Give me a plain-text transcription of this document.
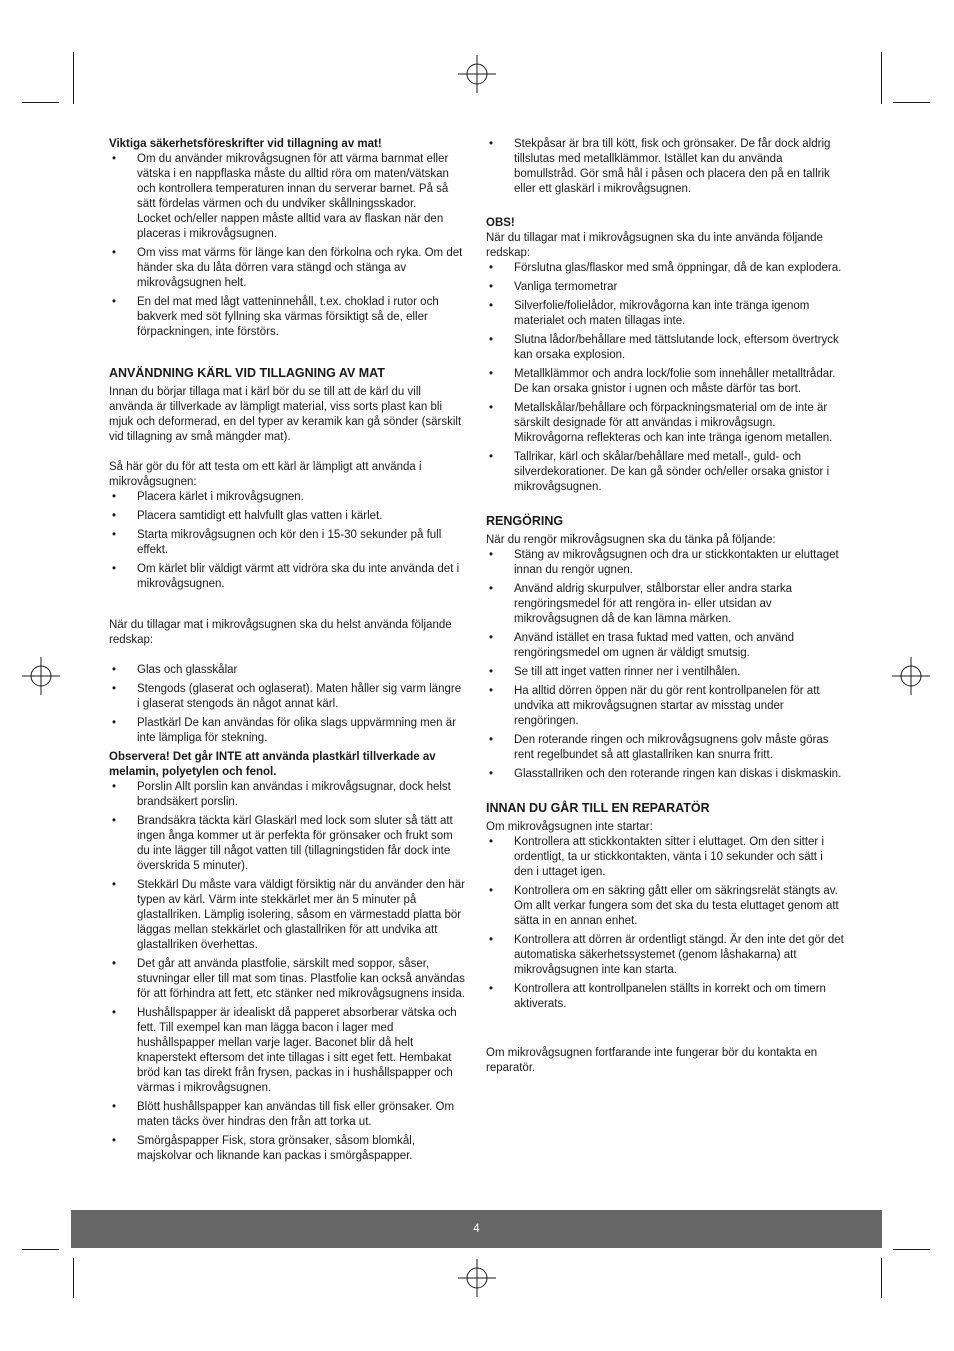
Viktiga säkerhetsföreskrifter vid tillagning av mat!

• Om du använder mikrovågsugnen för att värma barnmat eller vätska i en nappflaska måste du alltid röra om maten/vätskan och kontrollera temperaturen innan du serverar barnet. På så sätt fördelas värmen och du undviker skållningsskador.
Locket och/eller nappen måste alltid vara av flaskan när den placeras i mikrovågsugnen.
• Om viss mat värms för länge kan den förkolna och ryka. Om det händer ska du låta dörren vara stängd och stänga av mikrovågsugnen helt.
• En del mat med lågt vatteninnehåll, t.ex. choklad i rutor och bakverk med söt fyllning ska värmas försiktigt så de, eller förpackningen, inte förstörs.

ANVÄNDNING KÄRL VID TILLAGNING AV MAT

Innan du börjar tillaga mat i kärl bör du se till att de kärl du vill använda är tillverkade av lämpligt material, viss sorts plast kan bli mjuk och deformerad, en del typer av keramik kan gå sönder (särskilt vid tillagning av små mängder mat).

Så här gör du för att testa om ett kärl är lämpligt att använda i mikrovågsugnen:

• Placera kärlet i mikrovågsugnen.
• Placera samtidigt ett halvfullt glas vatten i kärlet.
• Starta mikrovågsugnen och kör den i 15-30 sekunder på full effekt.
• Om kärlet blir väldigt värmt att vidröra ska du inte använda det i mikrovågsugnen.

När du tillagar mat i mikrovågsugnen ska du helst använda följande redskap:

• Glas och glasskålar
• Stengods (glaserat och oglaserat). Maten håller sig varm längre i glaserat stengods än något annat kärl.
• Plastkärl De kan användas för olika slags uppvärmning men är inte lämpliga för stekning.

Observera! Det går INTE att använda plastkärl tillverkade av melamin, polyetylen och fenol.

• Porslin Allt porslin kan användas i mikrovågsugnar, dock helst brandsäkert porslin.
• Brandsäkra täckta kärl Glaskärl med lock som sluter så tätt att ingen ånga kommer ut är perfekta för grönsaker och frukt som du inte lägger till något vatten till (tillagningstiden får dock inte överskrida 5 minuter).
• Stekkärl Du måste vara väldigt försiktig när du använder den här typen av kärl. Värm inte stekkärlet mer än 5 minuter på glastallriken. Lämplig isolering, såsom en värmestadd platta bör läggas mellan stekkärlet och glastallriken för att undvika att glastallriken överhettas.
• Det går att använda plastfolie, särskilt med soppor, såser, stuvningar eller till mat som tinas. Plastfolie kan också användas för att förhindra att fett, etc stänker ned mikrovågsugnens insida.
• Hushållspapper är idealiskt då papperet absorberar vätska och fett. Till exempel kan man lägga bacon i lager med hushållspapper mellan varje lager. Baconet blir då helt knaperstekt eftersom det inte tillagas i sitt eget fett. Hembakat bröd kan tas direkt från frysen, packas in i hushållspapper och värmas i mikrovågsugnen.
• Blött hushållspapper kan användas till fisk eller grönsaker. Om maten täcks över hindras den från att torka ut.
• Smörgåspapper Fisk, stora grönsaker, såsom blomkål, majskolvar och liknande kan packas i smörgåspapper.
• Stekpåsar är bra till kött, fisk och grönsaker. De får dock aldrig tillslutas med metallklämmor. Istället kan du använda bomullstråd. Gör små hål i påsen och placera den på en tallrik eller ett glaskärl i mikrovågsugnen.

OBS!

När du tillagar mat i mikrovågsugnen ska du inte använda följande redskap:

• Förslutna glas/flaskor med små öppningar, då de kan explodera.
• Vanliga termometrar
• Silverfolie/folielådor, mikrovågorna kan inte tränga igenom materialet och maten tillagas inte.
• Slutna lådor/behållare med tättslutande lock, eftersom övertryck kan orsaka explosion.
• Metallklämmor och andra lock/folie som innehåller metalltrådar. De kan orsaka gnistor i ugnen och måste därför tas bort.
• Metallskålar/behållare och förpackningsmaterial om de inte är särskilt designade för att användas i mikrovågsugn. Mikrovågorna reflekteras och kan inte tränga igenom metallen.
• Tallrikar, kärl och skålar/behållare med metall-, guld- och silverdekorationer. De kan gå sönder och/eller orsaka gnistor i mikrovågsugnen.

RENGÖRING

När du rengör mikrovågsugnen ska du tänka på följande:

• Stäng av mikrovågsugnen och dra ur stickkontakten ur eluttaget innan du rengör ugnen.
• Använd aldrig skurpulver, stålborstar eller andra starka rengöringsmedel för att rengöra in- eller utsidan av mikrovågsugnen då de kan lämna märken.
• Använd istället en trasa fuktad med vatten, och använd rengöringsmedel om ugnen är väldigt smutsig.
• Se till att inget vatten rinner ner i ventilhålen.
• Ha alltid dörren öppen när du gör rent kontrollpanelen för att undvika att mikrovågsugnen startar av misstag under rengöringen.
• Den roterande ringen och mikrovågsugnens golv måste göras rent regelbundet så att glastallriken kan snurra fritt.
• Glasstallriken och den roterande ringen kan diskas i diskmaskin.

INNAN DU GÅR TILL EN REPARATÖR

Om mikrovågsugnen inte startar:

• Kontrollera att stickkontakten sitter i eluttaget. Om den sitter i ordentligt, ta ur stickkontakten, vänta i 10 sekunder och sätt i den i uttaget igen.
• Kontrollera om en säkring gått eller om säkringsrelät stängts av. Om allt verkar fungera som det ska du testa eluttaget genom att sätta in en annan enhet.
• Kontrollera att dörren är ordentligt stängd. Är den inte det gör det automatiska säkerhetssystemet (genom låshakarna) att mikrovågsugnen inte kan starta.
• Kontrollera att kontrollpanelen ställts in korrekt och om timern aktiverats.

Om mikrovågsugnen fortfarande inte fungerar bör du kontakta en reparatör.

4
